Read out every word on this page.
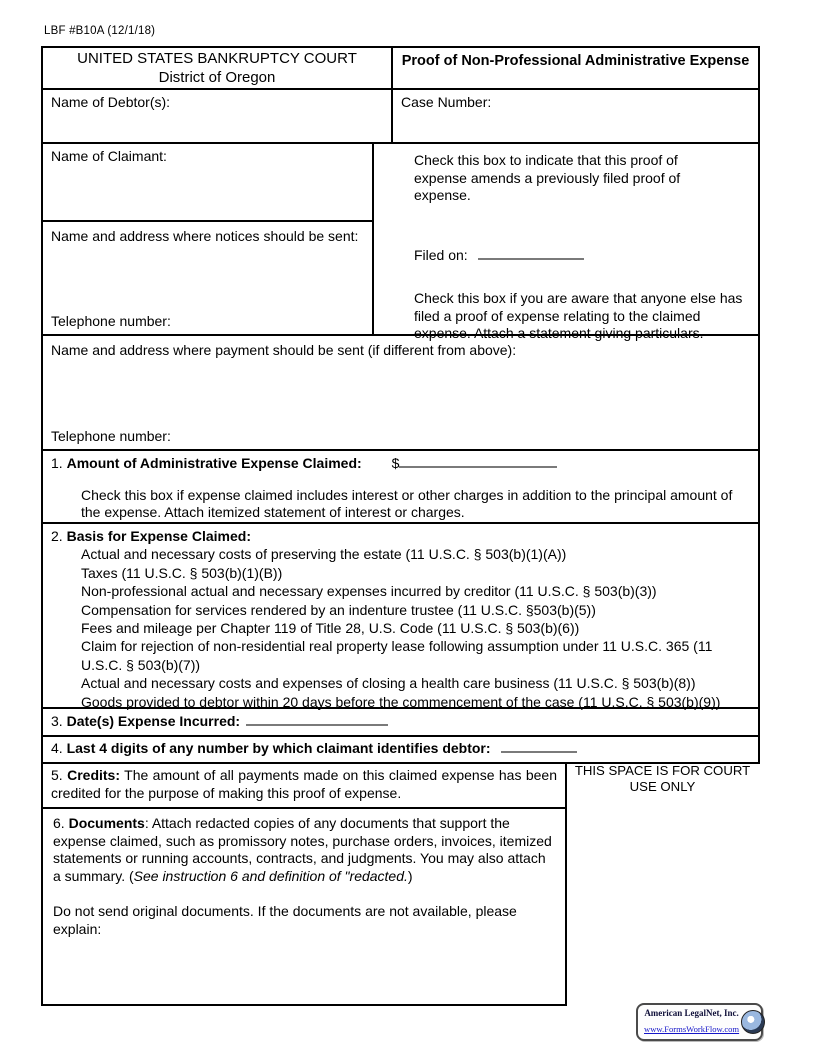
LBF #B10A (12/1/18)
UNITED STATES BANKRUPTCY COURT
District of Oregon
Proof of Non-Professional Administrative Expense
Name of Debtor(s):	Case Number:
Name of Claimant:
Name and address where notices should be sent:
Telephone number:
Check this box to indicate that this proof of expense amends a previously filed proof of expense.
Filed on:
Check this box if you are aware that anyone else has filed a proof of expense relating to the claimed expense. Attach a statement giving particulars.
Name and address where payment should be sent (if different from above):
Telephone number:
1. Amount of Administrative Expense Claimed: $
Check this box if expense claimed includes interest or other charges in addition to the principal amount of the expense. Attach itemized statement of interest or charges.
2. Basis for Expense Claimed:
Actual and necessary costs of preserving the estate (11 U.S.C. § 503(b)(1)(A))
Taxes (11 U.S.C. § 503(b)(1)(B))
Non-professional actual and necessary expenses incurred by creditor (11 U.S.C. § 503(b)(3))
Compensation for services rendered by an indenture trustee (11 U.S.C. §503(b)(5))
Fees and mileage per Chapter 119 of Title 28, U.S. Code (11 U.S.C. § 503(b)(6))
Claim for rejection of non-residential real property lease following assumption under 11 U.S.C. 365 (11 U.S.C. § 503(b)(7))
Actual and necessary costs and expenses of closing a health care business (11 U.S.C. § 503(b)(8))
Goods provided to debtor within 20 days before the commencement of the case (11 U.S.C. § 503(b)(9))
3. Date(s) Expense Incurred:
4. Last 4 digits of any number by which claimant identifies debtor:
5. Credits: The amount of all payments made on this claimed expense has been credited for the purpose of making this proof of expense.

6. Documents: Attach redacted copies of any documents that support the expense claimed, such as promissory notes, purchase orders, invoices, itemized statements or running accounts, contracts, and judgments. You may also attach a summary. (See instruction 6 and definition of "redacted.)

Do not send original documents. If the documents are not available, please explain:

THIS SPACE IS FOR COURT USE ONLY
American LegalNet, Inc.
www.FormsWorkFlow.com
